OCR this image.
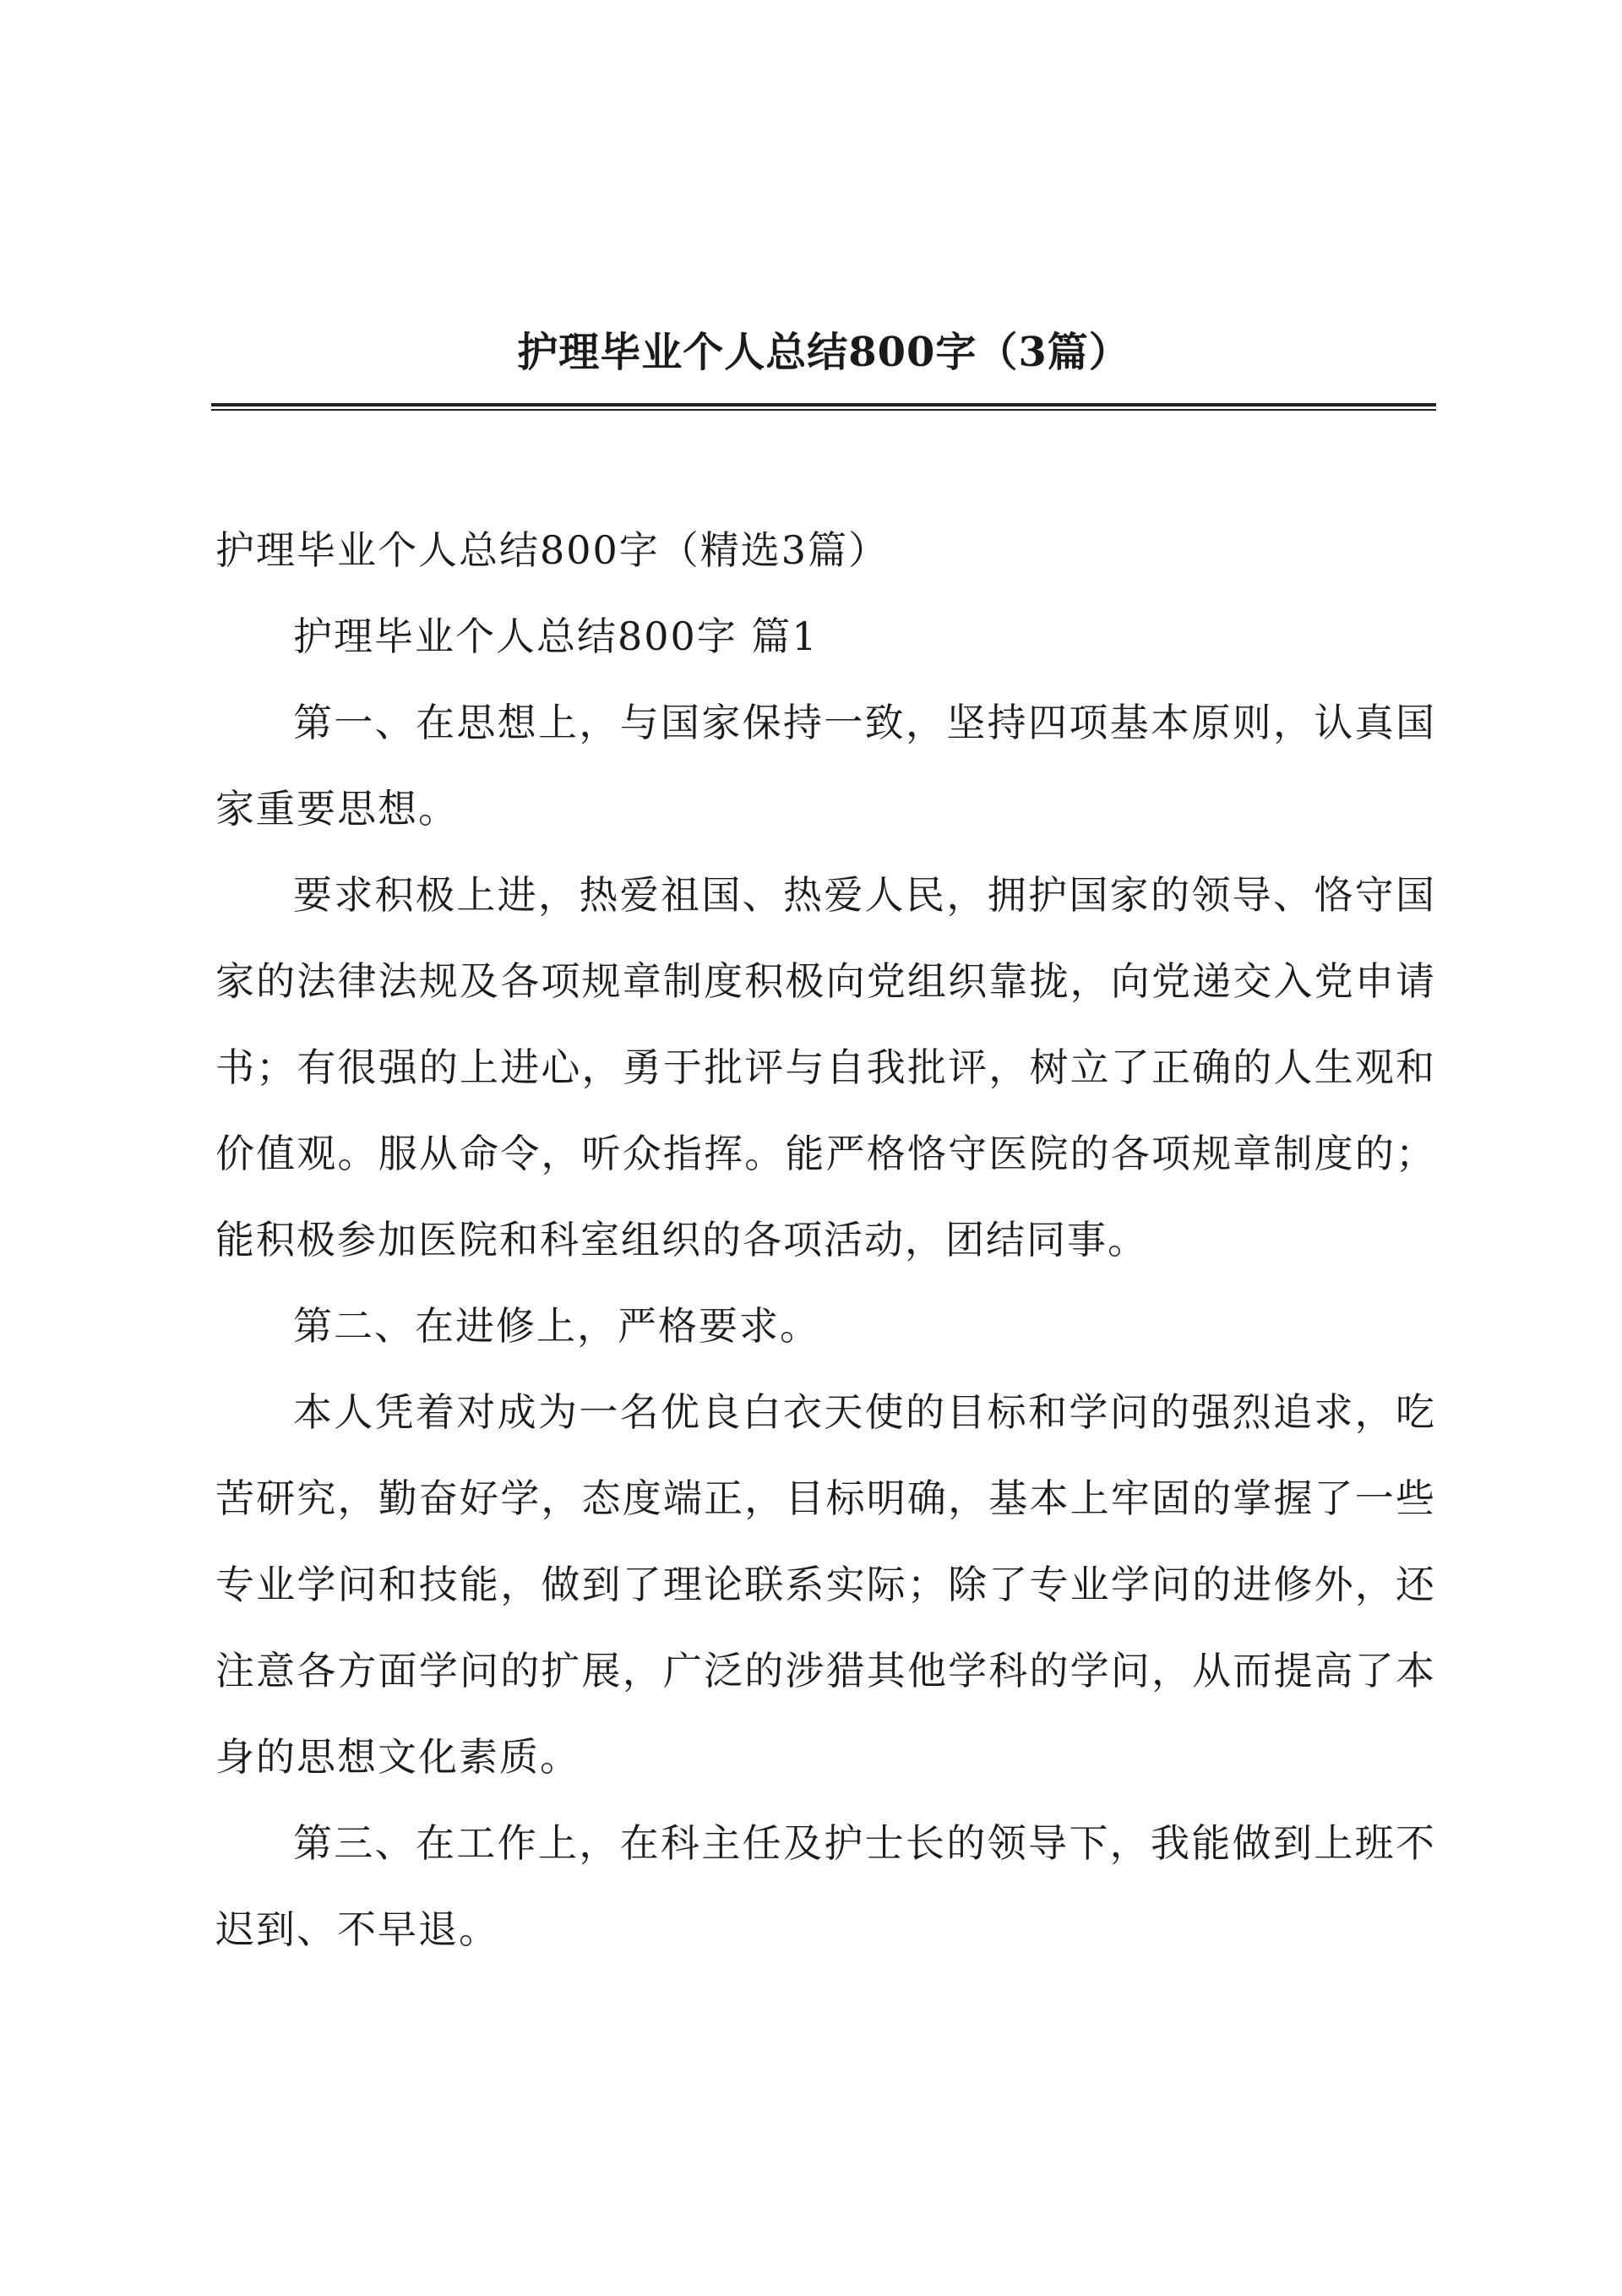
护理毕业个人总结800字（3篇）

护理毕业个人总结800字（精选3篇）

护理毕业个人总结800字 篇1

第一、在思想上，与国家保持一致，坚持四项基本原则，认真国家重要思想。

要求积极上进，热爱祖国、热爱人民，拥护国家的领导、恪守国家的法律法规及各项规章制度积极向党组织靠拢，向党递交入党申请书；有很强的上进心，勇于批评与自我批评，树立了正确的人生观和价值观。服从命令，听众指挥。能严格恪守医院的各项规章制度的；能积极参加医院和科室组织的各项活动，团结同事。

第二、在进修上，严格要求。

本人凭着对成为一名优良白衣天使的目标和学问的强烈追求，吃苦研究，勤奋好学，态度端正，目标明确，基本上牢固的掌握了一些专业学问和技能，做到了理论联系实际；除了专业学问的进修外，还注意各方面学问的扩展，广泛的涉猎其他学科的学问，从而提高了本身的思想文化素质。

第三、在工作上，在科主任及护士长的领导下，我能做到上班不迟到、不早退。
